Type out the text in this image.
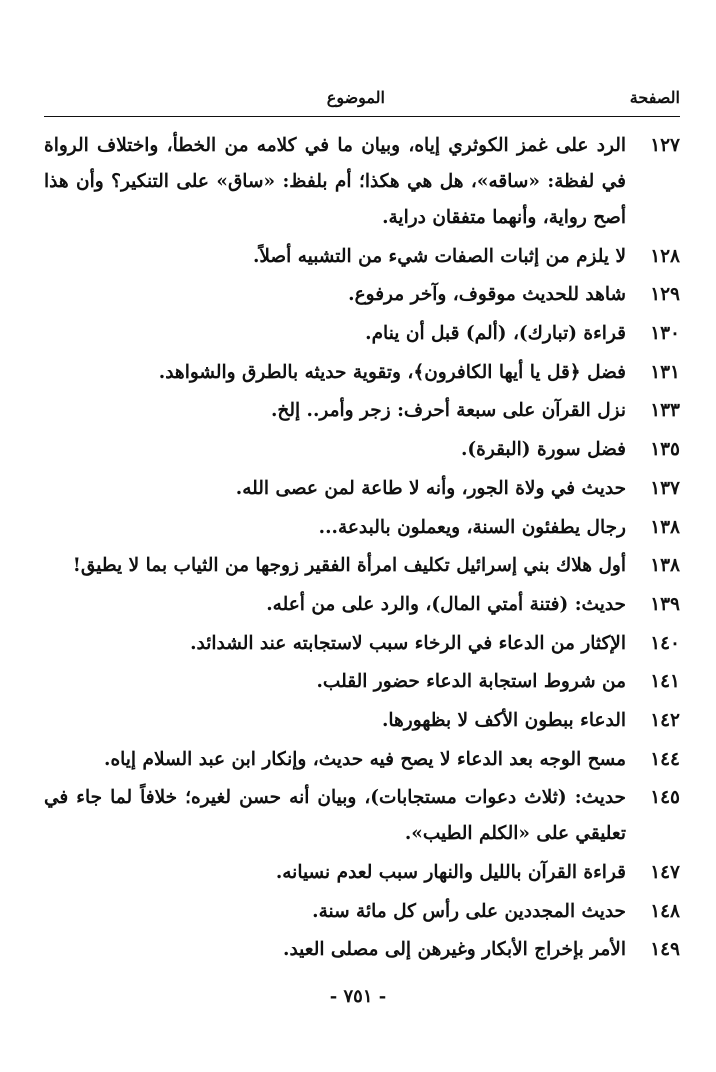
الصفحة
الموضوع
١٢٧
الرد على غمز الكوثري إياه، وبيان ما في كلامه من الخطأ، واختلاف الرواة في لفظة: «ساقه»، هل هي هكذا؛ أم بلفظ: «ساق» على التنكير؟ وأن هذا أصح رواية، وأنهما متفقان دراية.
١٢٨
لا يلزم من إثبات الصفات شيء من التشبيه أصلاً.
١٢٩
شاهد للحديث موقوف، وآخر مرفوع.
١٣٠
قراءة (تبارك)، (ألم) قبل أن ينام.
١٣١
فضل ﴿قل يا أيها الكافرون﴾، وتقوية حديثه بالطرق والشواهد.
١٣٣
نزل القرآن على سبعة أحرف: زجر وأمر.. إلخ.
١٣٥
فضل سورة (البقرة).
١٣٧
حديث في ولاة الجور، وأنه لا طاعة لمن عصى الله.
١٣٨
رجال يطفئون السنة، ويعملون بالبدعة...
١٣٨
أول هلاك بني إسرائيل تكليف امرأة الفقير زوجها من الثياب بما لا يطيق!
١٣٩
حديث: (فتنة أمتي المال)، والرد على من أعله.
١٤٠
الإكثار من الدعاء في الرخاء سبب لاستجابته عند الشدائد.
١٤١
من شروط استجابة الدعاء حضور القلب.
١٤٢
الدعاء ببطون الأكف لا بظهورها.
١٤٤
مسح الوجه بعد الدعاء لا يصح فيه حديث، وإنكار ابن عبد السلام إياه.
١٤٥
حديث: (ثلاث دعوات مستجابات)، وبيان أنه حسن لغيره؛ خلافاً لما جاء في تعليقي على «الكلم الطيب».
١٤٧
قراءة القرآن بالليل والنهار سبب لعدم نسيانه.
١٤٨
حديث المجددين على رأس كل مائة سنة.
١٤٩
الأمر بإخراج الأبكار وغيرهن إلى مصلى العيد.
- ٧٥١ -
